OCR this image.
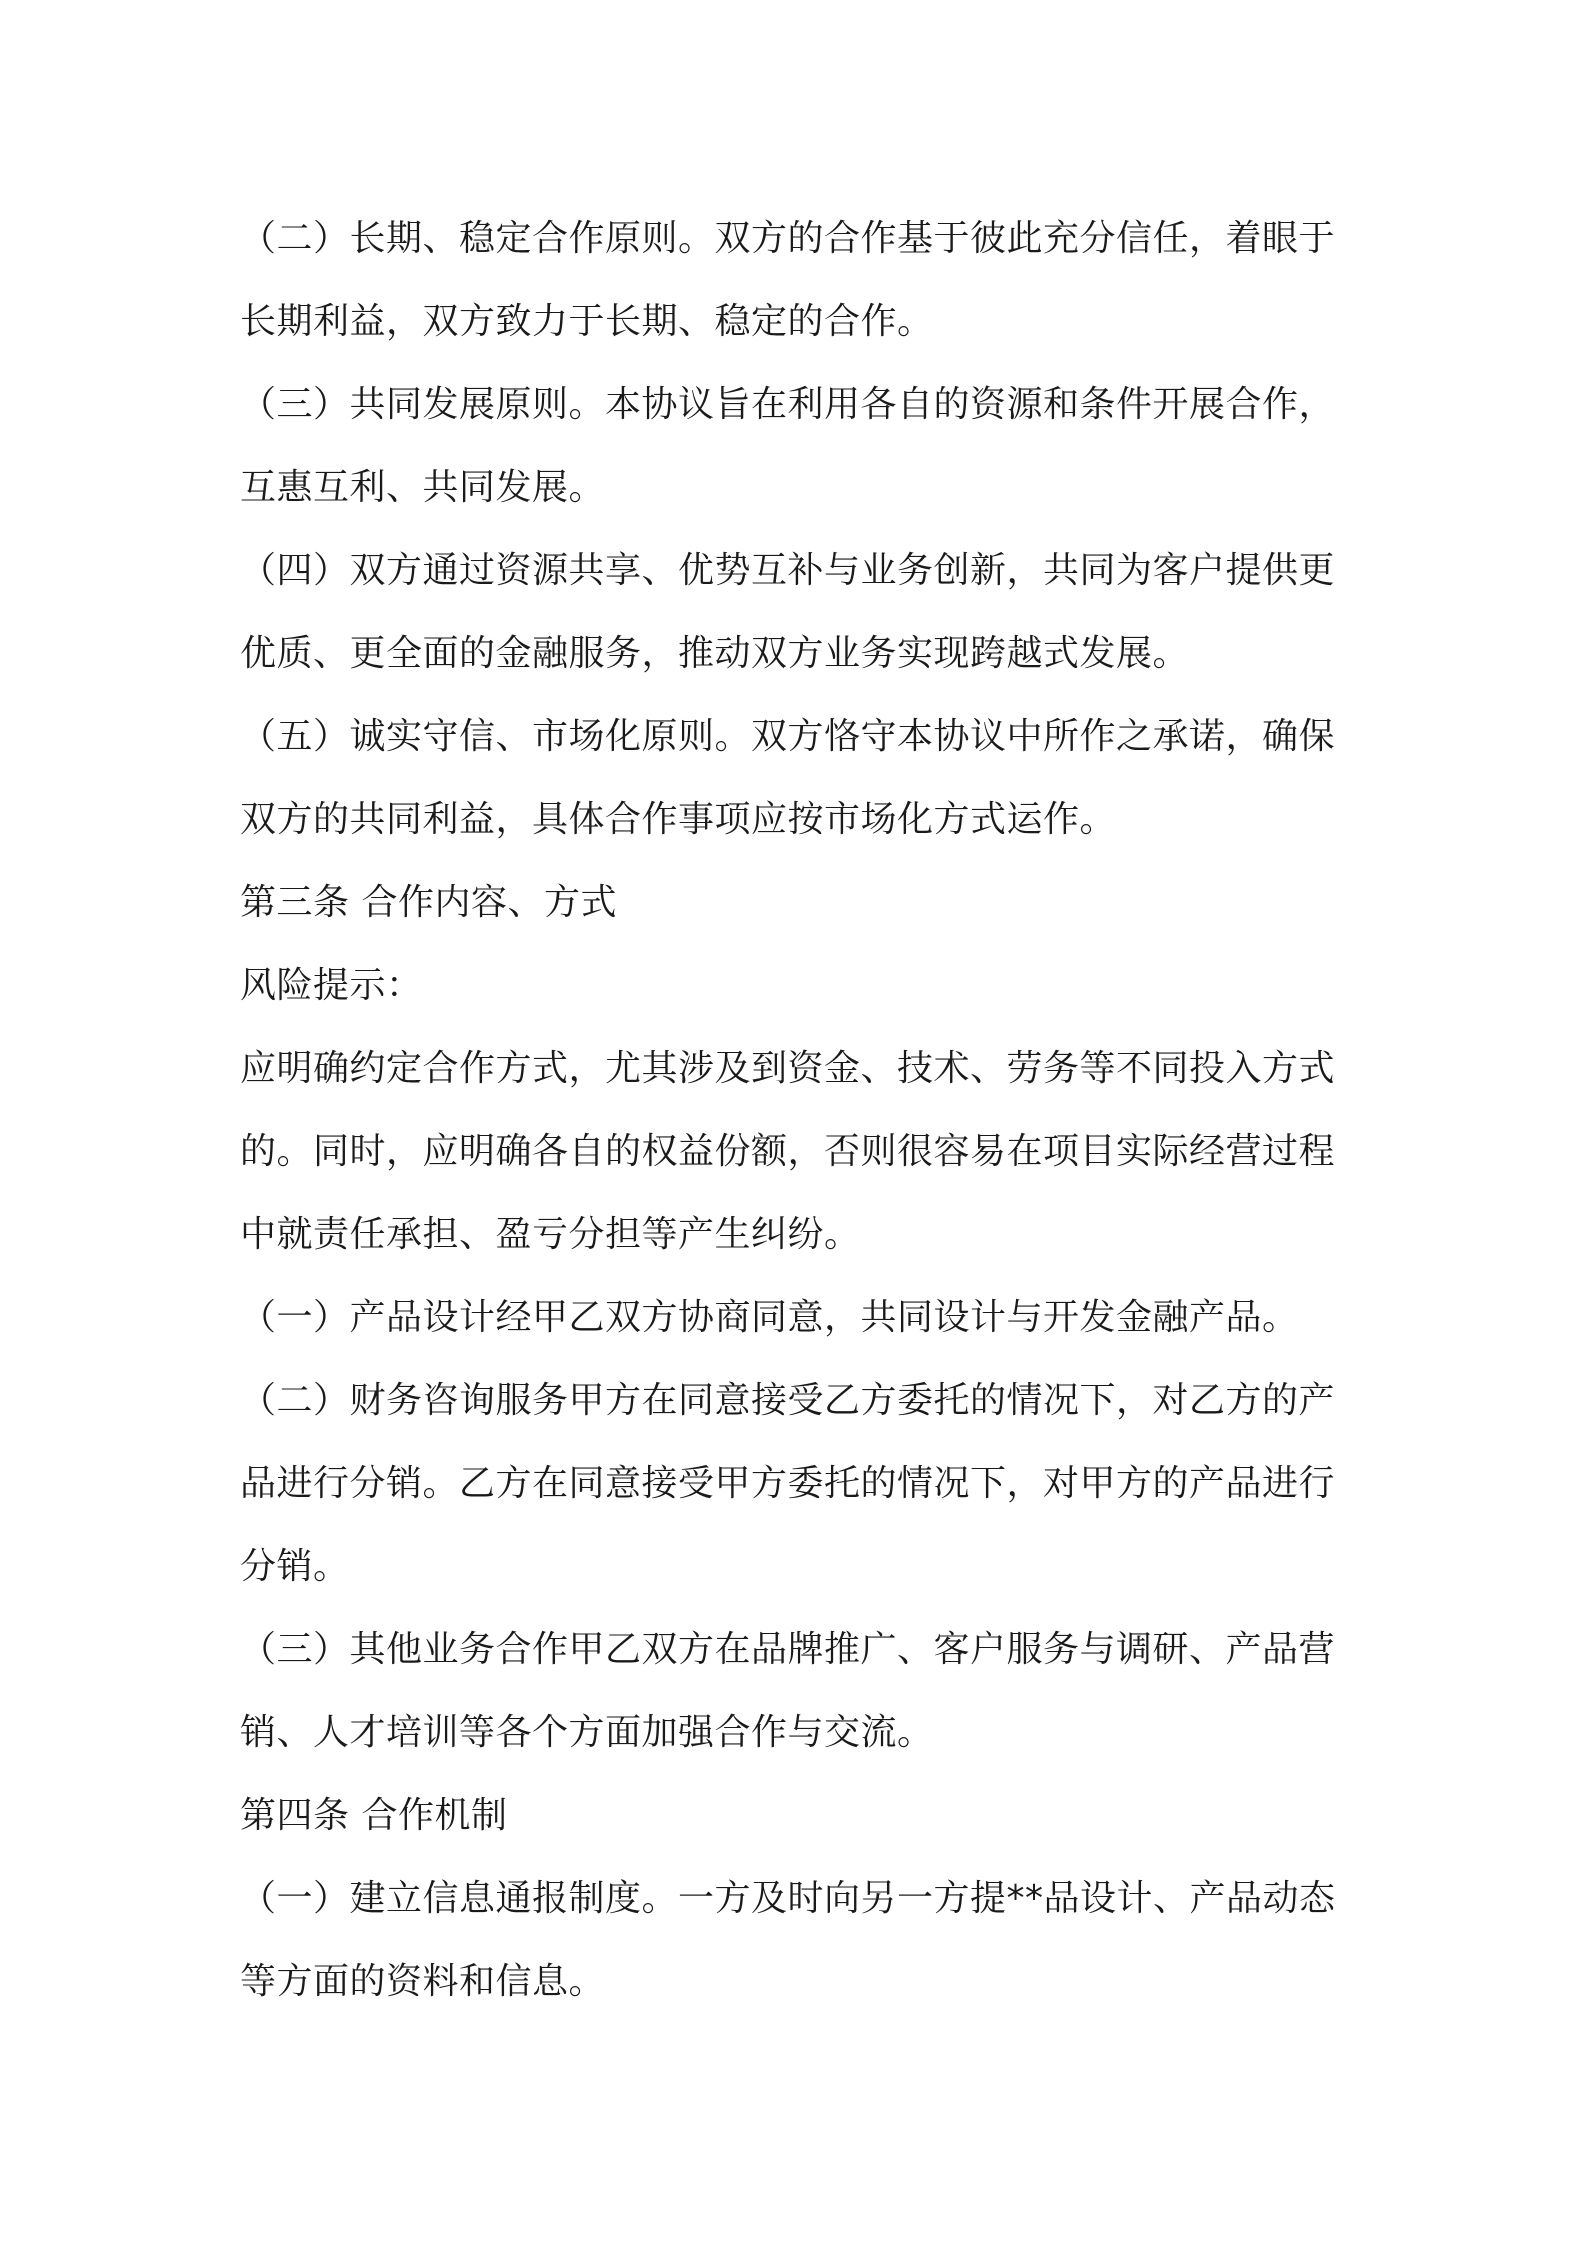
（二）长期、稳定合作原则。双方的合作基于彼此充分信任，着眼于
长期利益，双方致力于长期、稳定的合作。

（三）共同发展原则。本协议旨在利用各自的资源和条件开展合作，
互惠互利、共同发展。

（四）双方通过资源共享、优势互补与业务创新，共同为客户提供更
优质、更全面的金融服务，推动双方业务实现跨越式发展。

（五）诚实守信、市场化原则。双方恪守本协议中所作之承诺，确保
双方的共同利益，具体合作事项应按市场化方式运作。

第三条 合作内容、方式

风险提示：

应明确约定合作方式，尤其涉及到资金、技术、劳务等不同投入方式
的。同时，应明确各自的权益份额，否则很容易在项目实际经营过程
中就责任承担、盈亏分担等产生纠纷。

（一）产品设计经甲乙双方协商同意，共同设计与开发金融产品。

（二）财务咨询服务甲方在同意接受乙方委托的情况下，对乙方的产
品进行分销。乙方在同意接受甲方委托的情况下，对甲方的产品进行
分销。

（三）其他业务合作甲乙双方在品牌推广、客户服务与调研、产品营
销、人才培训等各个方面加强合作与交流。

第四条 合作机制

（一）建立信息通报制度。一方及时向另一方提**品设计、产品动态
等方面的资料和信息。
